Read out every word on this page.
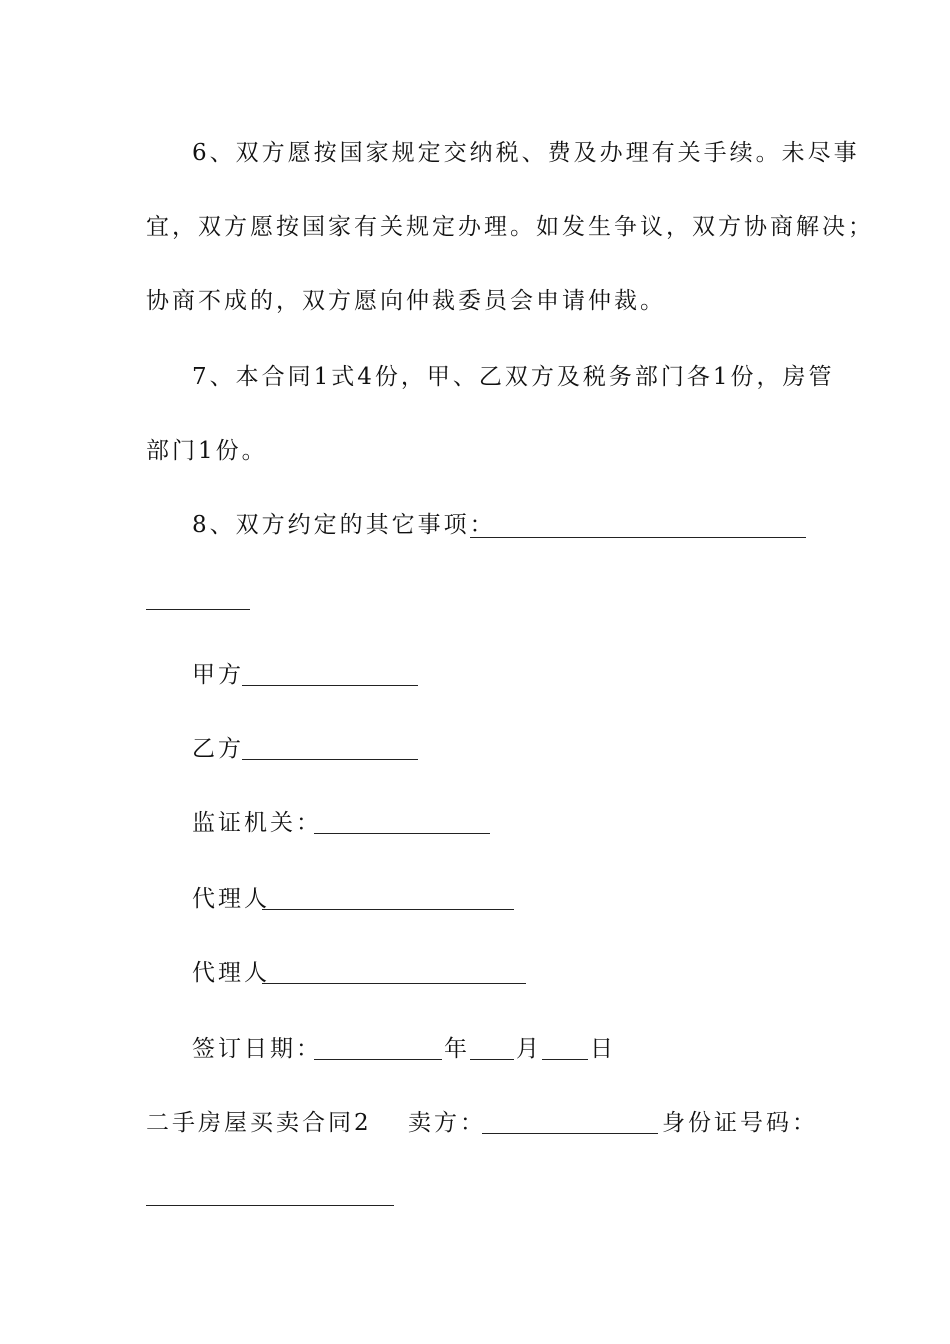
6、双方愿按国家规定交纳税、费及办理有关手续。未尽事
宜，双方愿按国家有关规定办理。如发生争议，双方协商解决；
协商不成的，双方愿向仲裁委员会申请仲裁。
7、本合同1式4份，甲、乙双方及税务部门各1份，房管
部门1份。
8、双方约定的其它事项：
甲方
乙方
监证机关：
代理人
代理人
签订日期：	年 月 日
二手房屋买卖合同2 卖方：	身份证号码：
